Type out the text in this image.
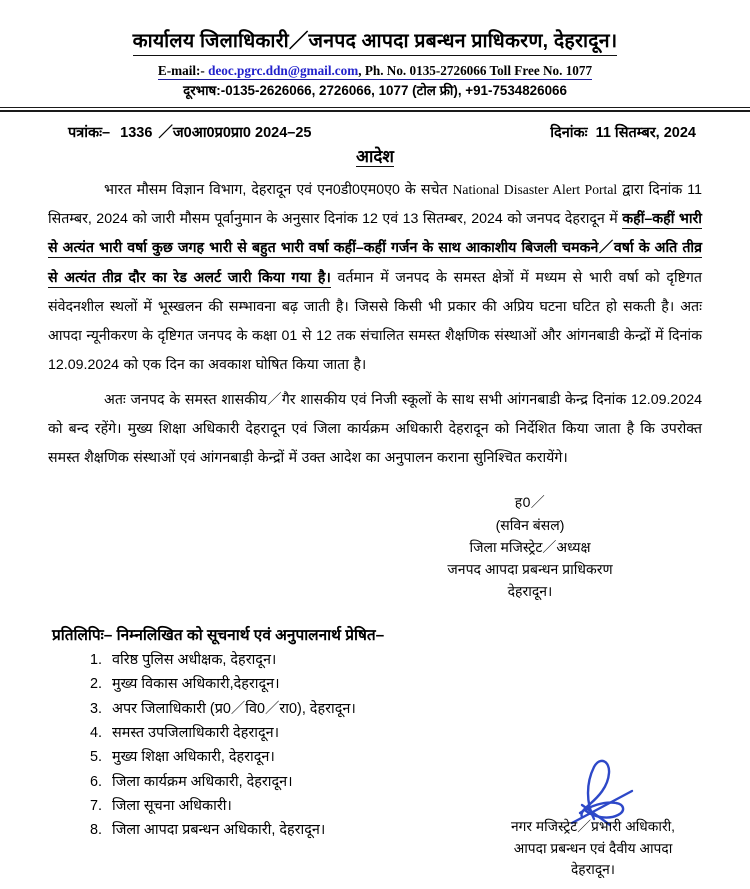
कार्यालय जिलाधिकारी／जनपद आपदा प्रबन्धन प्राधिकरण, देहरादून।
E-mail:- deoc.pgrc.ddn@gmail.com, Ph. No. 0135-2726066 Toll Free No. 1077
दूरभाष:-0135-2626066, 2726066, 1077 (टोल फ्री), +91-7534826066
पत्रांकः– 1336 ／ज0आ0प्र0प्रा0 2024–25	दिनांकः 11 सितम्बर, 2024
आदेश

भारत मौसम विज्ञान विभाग, देहरादून एवं एन0डी0एम0ए0 के सचेत National Disaster Alert Portal द्वारा दिनांक 11 सितम्बर, 2024 को जारी मौसम पूर्वानुमान के अनुसार दिनांक 12 एवं 13 सितम्बर, 2024 को जनपद देहरादून में कहीं–कहीं भारी से अत्यंत भारी वर्षा कुछ जगह भारी से बहुत भारी वर्षा कहीं–कहीं गर्जन के साथ आकाशीय बिजली चमकने／वर्षा के अति तीव्र से अत्यंत तीव्र दौर का रेड अलर्ट जारी किया गया है। वर्तमान में जनपद के समस्त क्षेत्रों में मध्यम से भारी वर्षा को दृष्टिगत संवेदनशील स्थलों में भूस्खलन की सम्भावना बढ़ जाती है। जिससे किसी भी प्रकार की अप्रिय घटना घटित हो सकती है। अतः आपदा न्यूनीकरण के दृष्टिगत जनपद के कक्षा 01 से 12 तक संचालित समस्त शैक्षणिक संस्थाओं और आंगनबाडी केन्द्रों में दिनांक 12.09.2024 को एक दिन का अवकाश घोषित किया जाता है।

अतः जनपद के समस्त शासकीय／गैर शासकीय एवं निजी स्कूलों के साथ सभी आंगनबाडी केन्द्र दिनांक 12.09.2024 को बन्द रहेंगे। मुख्य शिक्षा अधिकारी देहरादून एवं जिला कार्यक्रम अधिकारी देहरादून को निर्देशित किया जाता है कि उपरोक्त समस्त शैक्षणिक संस्थाओं एवं आंगनबाड़ी केन्द्रों में उक्त आदेश का अनुपालन कराना सुनिश्चित करायेंगे।

ह0／
(सविन बंसल)
जिला मजिस्ट्रेट／अध्यक्ष
जनपद आपदा प्रबन्धन प्राधिकरण
देहरादून।
प्रतिलिपिः– निम्नलिखित को सूचनार्थ एवं अनुपालनार्थ प्रेषित–
1. वरिष्ठ पुलिस अधीक्षक, देहरादून।
2. मुख्य विकास अधिकारी,देहरादून।
3. अपर जिलाधिकारी (प्र0／वि0／रा0), देहरादून।
4. समस्त उपजिलाधिकारी देहरादून।
5. मुख्य शिक्षा अधिकारी, देहरादून।
6. जिला कार्यक्रम अधिकारी, देहरादून।
7. जिला सूचना अधिकारी।
8. जिला आपदा प्रबन्धन अधिकारी, देहरादून।	नगर मजिस्ट्रेट／प्रभारी अधिकारी,
आपदा प्रबन्धन एवं दैवीय आपदा
देहरादून।
